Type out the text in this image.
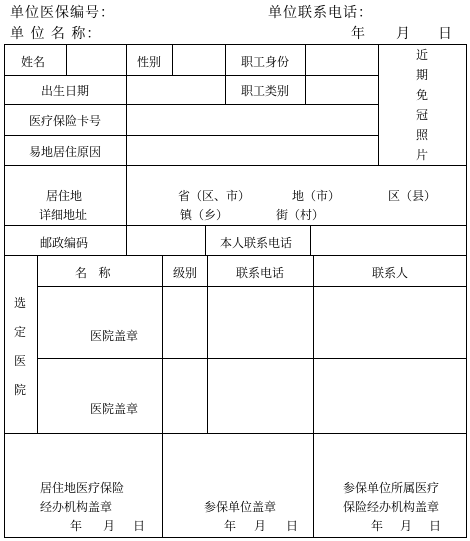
单位医保编号：	单位联系电话：
单 位 名 称：	年 月 日
姓名	性别	职工身份
出生日期	职工类别
医疗保险卡号
易地居住原因
近
期
免
冠
照
片
居住地
详细地址
省（区、市）	地（市）	区（县）
镇（乡）	街（村）
邮政编码	本人联系电话
选
定
医
院
名   称	级别	联系电话	联系人
医院盖章
医院盖章
居住地医疗保险
经办机构盖章
年 月 日
参保单位盖章
年 月 日
参保单位所属医疗
保险经办机构盖章
年 月 日
